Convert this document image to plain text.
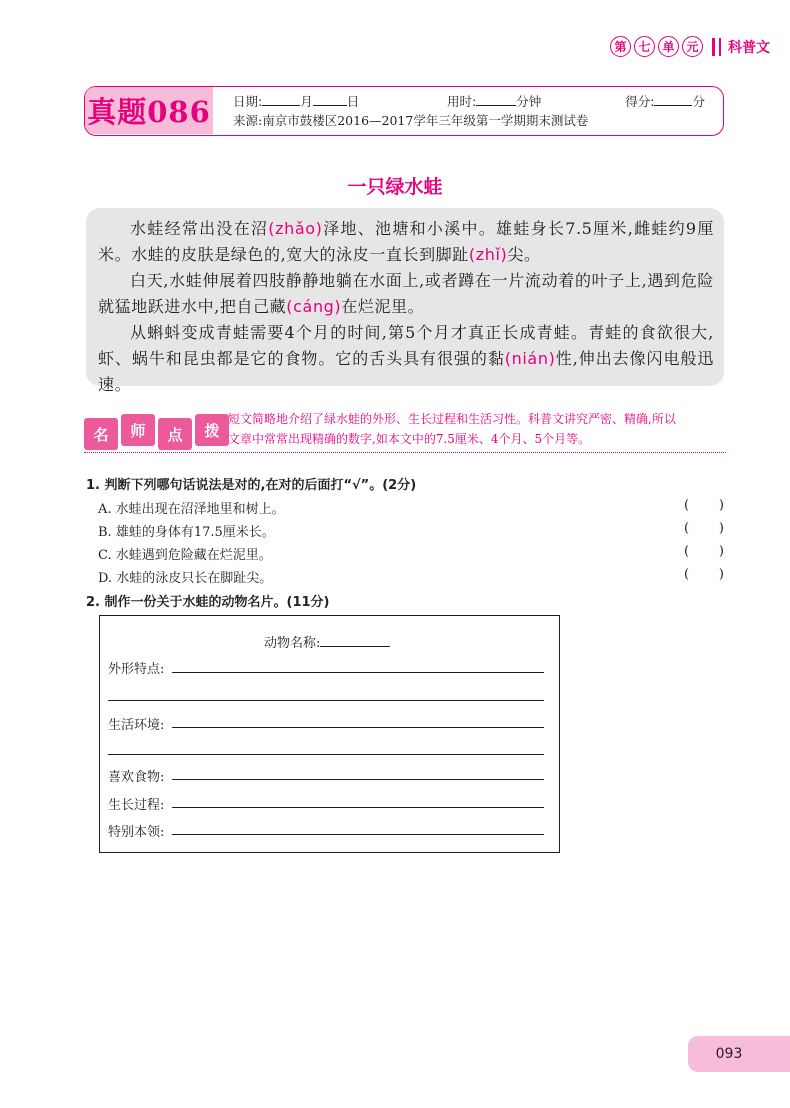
第 七 单 元	科普文
真题086 日期:	月	日	用时:	分钟	得分:	分
来源:南京市鼓楼区2016—2017学年三年级第一学期期末测试卷
一只绿水蛙

水蛙经常出没在沼(zhǎo)泽地、池塘和小溪中。雄蛙身长7.5厘米,雌蛙约9厘米。水蛙的皮肤是绿色的,宽大的泳皮一直长到脚趾(zhǐ)尖。

白天,水蛙伸展着四肢静静地躺在水面上,或者蹲在一片流动着的叶子上,遇到危险就猛地跃进水中,把自己藏(cáng)在烂泥里。

从蝌蚪变成青蛙需要4个月的时间,第5个月才真正长成青蛙。青蛙的食欲很大,虾、蜗牛和昆虫都是它的食物。它的舌头具有很强的黏(nián)性,伸出去像闪电般迅速。

名	师	点	拨
短文简略地介绍了绿水蛙的外形、生长过程和生活习性。科普文讲究严密、精确,所以
文章中常常出现精确的数字,如本文中的7.5厘米、4个月、5个月等。
1. 判断下列哪句话说法是对的,在对的后面打“√”。(2分)
A. 水蛙出现在沼泽地里和树上。	( )
B. 雄蛙的身体有17.5厘米长。	( )
C. 水蛙遇到危险藏在烂泥里。	( )
D. 水蛙的泳皮只长在脚趾尖。	( )
2. 制作一份关于水蛙的动物名片。(11分)
动物名称:
外形特点:
生活环境:
喜欢食物:
生长过程:
特别本领:
093
